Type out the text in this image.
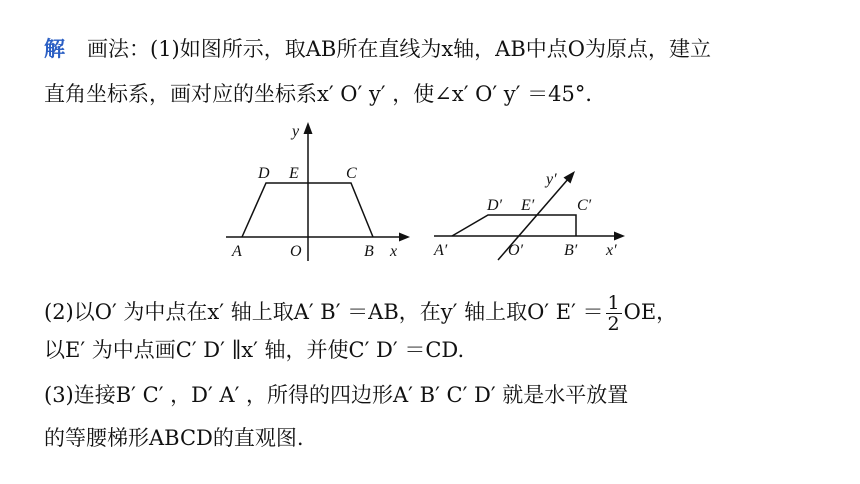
解 画法：(1)如图所示，取AB所在直线为x轴，AB中点O为原点，建立
直角坐标系，画对应的坐标系x′ O′ y′ ，使∠x′ O′ y′ ＝45°．
y
D E	C
A	O	B x
y′
D′ E′	C′
A′	O′	B′ x′
(2)以O′ 为中点在x′ 轴上取A′ B′ ＝AB，在y′ 轴上取O′ $E' = \frac{1}{2}$ OE，
以E′ 为中点画C′ D′ ∥x′ 轴，并使C′ D′ ＝CD.
(3)连接B′ C′ ，D′ A′ ，所得的四边形A′ B′ C′ D′ 就是水平放置
的等腰梯形ABCD的直观图.
